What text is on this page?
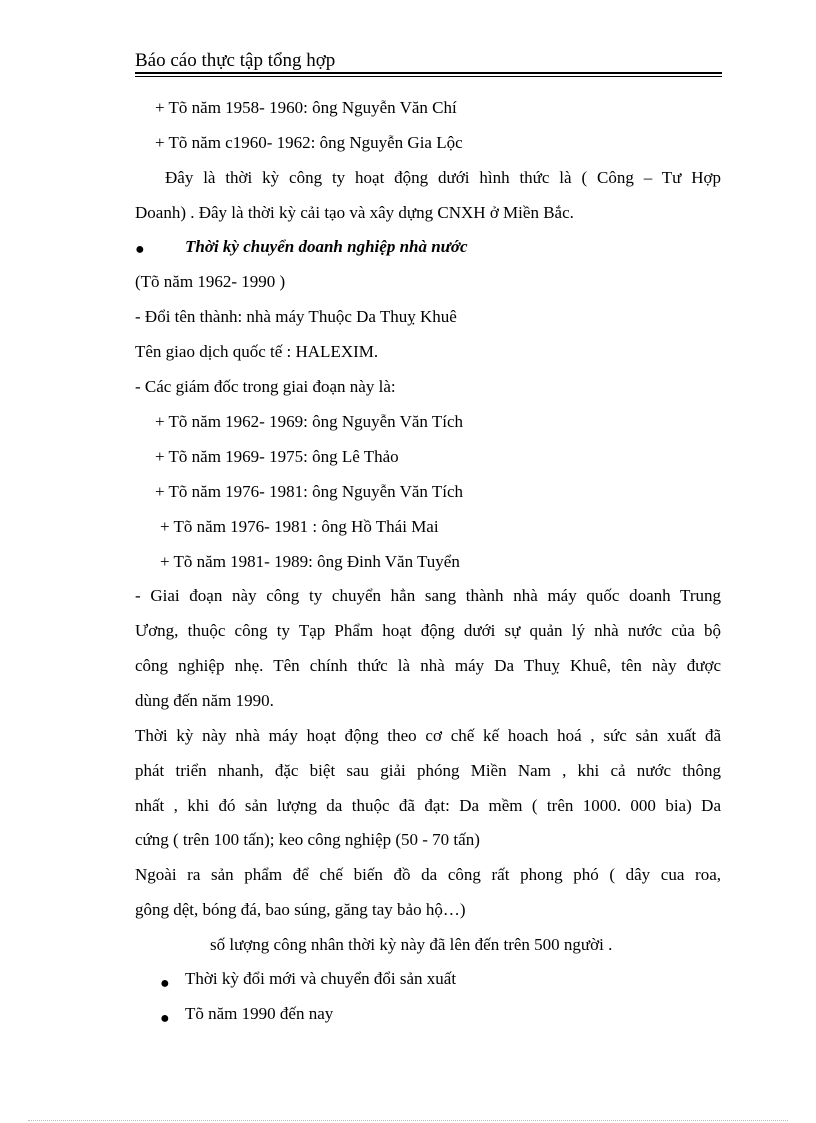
Báo cáo thực tập tổng hợp
+ Tõ năm 1958- 1960: ông Nguyễn Văn Chí
+ Tõ năm c1960- 1962: ông Nguyễn Gia Lộc
Đây là thời kỳ công ty hoạt động dưới hình thức là ( Công – Tư Hợp
Doanh) . Đây là thời kỳ cải tạo và xây dựng CNXH ở Miền Bắc.
● Thời kỳ chuyển doanh nghiệp nhà nước
(Tõ năm 1962- 1990 )
- Đổi tên thành: nhà máy Thuộc Da Thuỵ Khuê
Tên giao dịch quốc tế : HALEXIM.
- Các giám đốc trong giai đoạn này là:
+ Tõ năm 1962- 1969: ông Nguyễn Văn Tích
+ Tõ năm 1969- 1975: ông Lê Thảo
+ Tõ năm 1976- 1981: ông Nguyễn Văn Tích
+ Tõ năm 1976- 1981 : ông Hồ Thái Mai
+ Tõ năm 1981- 1989: ông Đinh Văn Tuyển
- Giai đoạn này công ty chuyển hẳn sang thành nhà máy quốc doanh Trung
Ương, thuộc công ty Tạp Phẩm hoạt động dưới sự quản lý nhà nước của bộ
công nghiệp nhẹ. Tên chính thức là nhà máy Da Thuỵ Khuê, tên này được
dùng đến năm 1990.
Thời kỳ này nhà máy hoạt động theo cơ chế kế hoach hoá , sức sản xuất đã
phát triển nhanh, đặc biệt sau giải phóng Miền Nam , khi cả nước thông
nhất , khi đó sản lượng da thuộc đã đạt: Da mềm ( trên 1000. 000 bia) Da
cứng ( trên 100 tấn); keo công nghiệp (50 - 70 tấn)
Ngoài ra sản phẩm để chế biến đồ da công rất phong phó ( dây cua roa,
gông dệt, bóng đá, bao súng, găng tay bảo hộ…)
số lượng công nhân thời kỳ này đã lên đến trên 500 người .
● Thời kỳ đổi mới và chuyển đổi sản xuất
● Tõ năm 1990 đến nay
